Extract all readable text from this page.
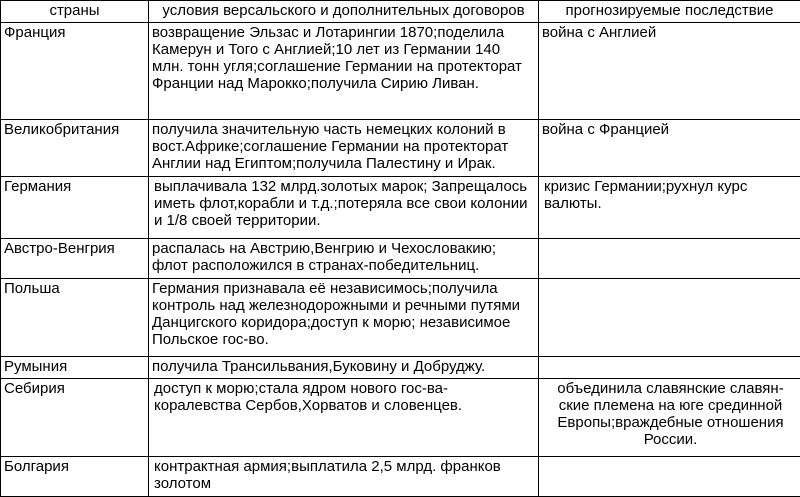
страны	условия версальского и дополнительных договоров	прогнозируемые последствие
Франция	возвращение Эльзас и Лотарингии 1870;поделила Камерун и Того с Англией;10 лет из Германии 140 млн. тонн угля;соглашение Германии на протекторат Франции над Марокко;получила Сирию Ливан.	война с Англией
Великобритания	получила значительную часть немецких колоний в вост.Африке;соглашение Германии на протекторат Англии над Египтом;получила Палестину и Ирак.	война с Францией
Германия	выплачивала 132 млрд.золотых марок; Запрещалось иметь флот,корабли и т.д.;потеряла все свои колонии и 1/8 своей территории.	кризис Германии;рухнул курс валюты.
Австро-Венгрия	распалась на Австрию,Венгрию и Чехословакию; флот расположился в странах-победительниц.	
Польша	Германия признавала её независимось;получила контроль над железнодорожными и речными путями Данцигского коридора;доступ к морю; независимое Польское гос-во.	
Румыния	получила Трансильвания,Буковину и Добруджу.	
Себирия	доступ к морю;стала ядром нового гос-ва-коралевства Сербов,Хорватов и словенцев.	объединила славянские славян-ские племена на юге срединной Европы;враждебные отношения России.
Болгария	контрактная армия;выплатила 2,5 млрд. франков золотом	
